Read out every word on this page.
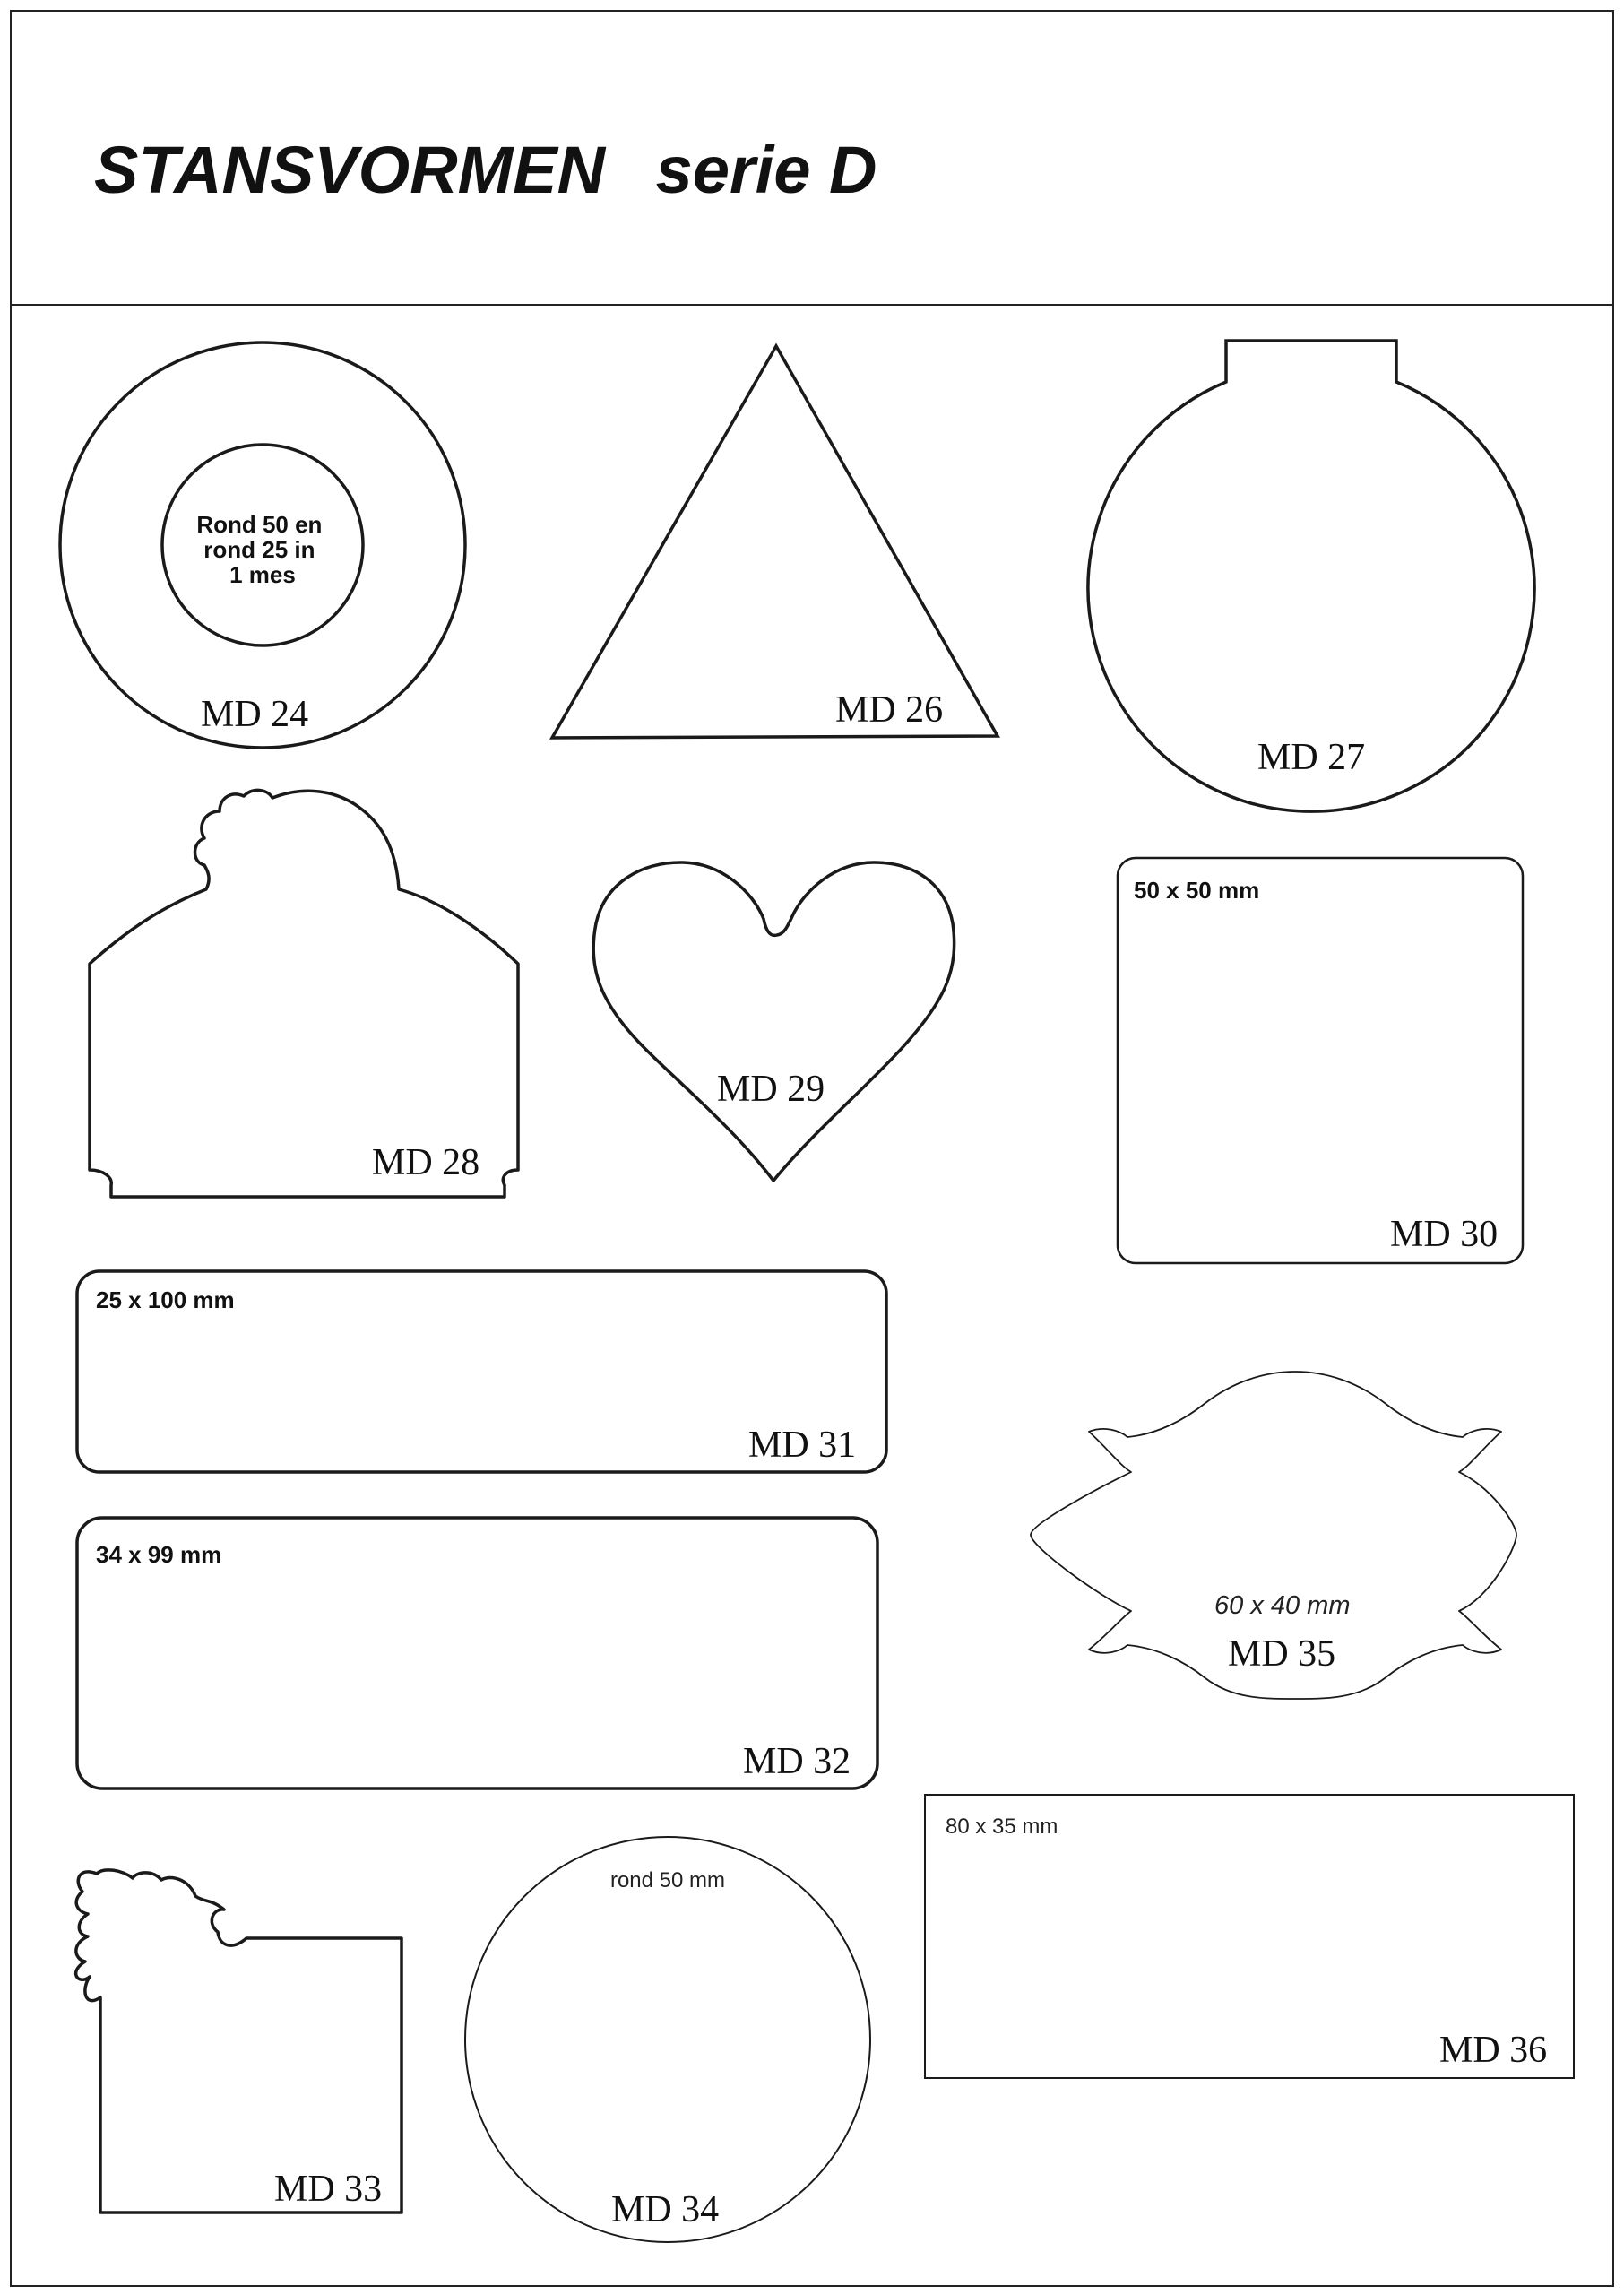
STANSVORMEN serie D
Rond 50 en rond 25 in 1 mes
MD 24	MD 26
MD 27
MD 28
MD 29
50 x 50 mm
MD 30
25 x 100 mm
MD 31
34 x 99 mm
MD 32
60 x 40 mm
MD 35
80 x 35 mm
MD 36
MD 33
rond 50 mm
MD 34
